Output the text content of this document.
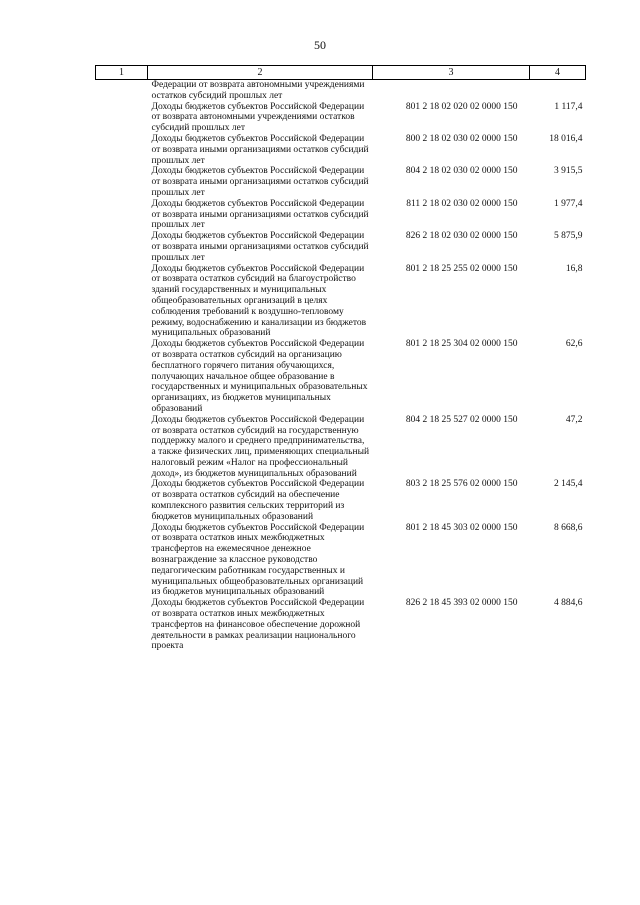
50
1	2	3	4
	Федерации от возврата автономными учреждениями остатков субсидий прошлых лет		
	Доходы бюджетов субъектов Российской Федерации от возврата автономными учреждениями остатков субсидий прошлых лет	801 2 18 02 020 02 0000 150	1 117,4
	Доходы бюджетов субъектов Российской Федерации от возврата иными организациями остатков субсидий прошлых лет	800 2 18 02 030 02 0000 150	18 016,4
	Доходы бюджетов субъектов Российской Федерации от возврата иными организациями остатков субсидий прошлых лет	804 2 18 02 030 02 0000 150	3 915,5
	Доходы бюджетов субъектов Российской Федерации от возврата иными организациями остатков субсидий прошлых лет	811 2 18 02 030 02 0000 150	1 977,4
	Доходы бюджетов субъектов Российской Федерации от возврата иными организациями остатков субсидий прошлых лет	826 2 18 02 030 02 0000 150	5 875,9
	Доходы бюджетов субъектов Российской Федерации от возврата остатков субсидий на благоустройство зданий государственных и муниципальных общеобразовательных организаций в целях соблюдения требований к воздушно-тепловому режиму, водоснабжению и канализации из бюджетов муниципальных образований	801 2 18 25 255 02 0000 150	16,8
	Доходы бюджетов субъектов Российской Федерации от возврата остатков субсидий на организацию бесплатного горячего питания обучающихся, получающих начальное общее образование в государственных и муниципальных образовательных организациях, из бюджетов муниципальных образований	801 2 18 25 304 02 0000 150	62,6
	Доходы бюджетов субъектов Российской Федерации от возврата остатков субсидий на государственную поддержку малого и среднего предпринимательства, а также физических лиц, применяющих специальный налоговый режим «Налог на профессиональный доход», из бюджетов муниципальных образований	804 2 18 25 527 02 0000 150	47,2
	Доходы бюджетов субъектов Российской Федерации от возврата остатков субсидий на обеспечение комплексного развития сельских территорий из бюджетов муниципальных образований	803 2 18 25 576 02 0000 150	2 145,4
	Доходы бюджетов субъектов Российской Федерации от возврата остатков иных межбюджетных трансфертов на ежемесячное денежное вознаграждение за классное руководство педагогическим работникам государственных и муниципальных общеобразовательных организаций из бюджетов муниципальных образований	801 2 18 45 303 02 0000 150	8 668,6
	Доходы бюджетов субъектов Российской Федерации от возврата остатков иных межбюджетных трансфертов на финансовое обеспечение дорожной деятельности в рамках реализации национального проекта	826 2 18 45 393 02 0000 150	4 884,6
